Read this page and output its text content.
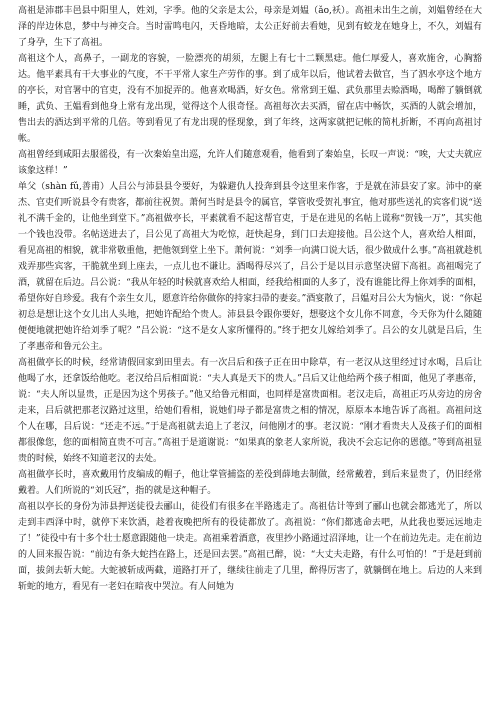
高祖是沛郡丰邑县中阳里人，姓刘，字季。他的父亲是太公，母亲是刘媪（ǎo,袄）。高祖未出生之前，刘媪曾经在大泽的岸边休息，梦中与神交合。当时雷鸣电闪，天昏地暗，太公正好前去看她，见到有蛟龙在她身上，不久，刘媪有了身孕，生下了高祖。

高祖这个人，高鼻子，一副龙的容貌，一脸漂亮的胡须，左腿上有七十二颗黑痣。他仁厚爱人，喜欢施舍，心胸豁达。他平素具有干大事业的气度，不干平常人家生产劳作的事。到了成年以后，他试着去做官，当了泗水亭这个地方的亭长，对官署中的官吏，没有不加捉弄的。他喜欢喝酒，好女色。常常到王媪、武负那里去赊酒喝，喝醉了躺倒就睡，武负、王媪看到他身上常有龙出现，觉得这个人很奇怪。高祖每次去买酒，留在店中畅饮，买酒的人就会增加，售出去的酒达到平常的几倍。等到看见了有龙出现的怪现象，到了年终，这两家就把记帐的简札折断，不再向高祖讨帐。

高祖曾经到咸阳去服徭役，有一次秦始皇出巡，允许人们随意观看，他看到了秦始皇，长叹一声说：“唉，大丈夫就应该象这样！”

单父（shàn fǔ,善甫）人吕公与沛县县令要好，为躲避仇人投奔到县令这里来作客，于是就在沛县安了家。沛中的豪杰、官吏们听说县令有贵客，都前往祝贺。萧何当时是县令的属官，掌管收受贺礼事宜，他对那些送礼的宾客们说“送礼不满千金的，让他坐到堂下。”高祖做亭长，平素就看不起这帮官吏，于是在进见的名帖上谎称“贺钱一万”，其实他一个钱也没带。名帖送进去了，吕公见了高祖大为吃惊，赶快起身，到门口去迎接他。吕公这个人，喜欢给人相面，看见高祖的相貌，就非常敬重他，把他领到堂上坐下。萧何说：“刘季一向满口说大话，很少做成什么事。”高祖就趁机戏弄那些宾客，干脆就坐到上座去，一点儿也不谦让。酒喝得尽兴了，吕公于是以目示意坚决留下高祖。高祖喝完了酒，就留在后边。吕公说：“我从年轻的时候就喜欢给人相面，经我给相面的人多了，没有谁能比得上你刘季的面相，希望你好自珍爱。我有个亲生女儿，愿意许给你做你的持家扫帚的妻妾。”酒宴散了，吕媪对吕公大为恼火，说：“你起初总是想让这个女儿出人头地，把她许配给个贵人。沛县县令跟你要好，想娶这个女儿你不同意，今天你为什么随随便便地就把她许给刘季了呢？”吕公说：“这不是女人家所懂得的。”终于把女儿嫁给刘季了。吕公的女儿就是吕后，生了孝惠帝和鲁元公主。

高祖做亭长的时候，经常请假回家到田里去。有一次吕后和孩子正在田中除草，有一老汉从这里经过讨水喝，吕后让他喝了水，还拿饭给他吃。老汉给吕后相面说：“夫人真是天下的贵人。”吕后又让他给两个孩子相面，他见了孝惠帝，说：“夫人所以显贵，正是因为这个男孩子。”他又给鲁元相面，也同样是富贵面相。老汉走后，高祖正巧从旁边的房舍走来，吕后就把那老汉路过这里，给她们看相，说她们母子都是富贵之相的情况，原原本本地告诉了高祖。高祖问这个人在哪，吕后说：“还走不远。”于是高祖就去追上了老汉，问他刚才的事。老汉说：“刚才看贵夫人及孩子们的面相都很像您，您的面相简直贵不可言。”高祖于是道谢说：“如果真的象老人家所说，我决不会忘记你的恩德。”等到高祖显贵的时候，始终不知道老汉的去处。

高祖做亭长时，喜欢戴用竹皮编成的帽子，他让掌管捕盗的差役到薛地去制做，经常戴着，到后来显贵了，仍旧经常戴着。人们所说的“刘氏冠”，指的就是这种帽子。

高祖以亭长的身份为沛县押送徒役去郦山，徒役们有很多在半路逃走了。高祖估计等到了郦山也就会都逃光了，所以走到丰西泽中时，就停下来饮酒，趁着夜晚把所有的役徒都放了。高祖说：“你们都逃命去吧，从此我也要远远地走了！”徒役中有十多个壮士愿意跟随他一块走。高祖乘着酒意，夜里抄小路通过沼泽地，让一个在前边先走。走在前边的人回来报告说：“前边有条大蛇挡在路上，还是回去罢。”高祖已醉，说：“大丈夫走路，有什么可怕的！”于是赶到前面，拔剑去斩大蛇。大蛇被斩成两截，道路打开了，继续往前走了几里，醉得厉害了，就躺倒在地上。后边的人来到斩蛇的地方，看见有一老妇在暗夜中哭泣。有人问她为
